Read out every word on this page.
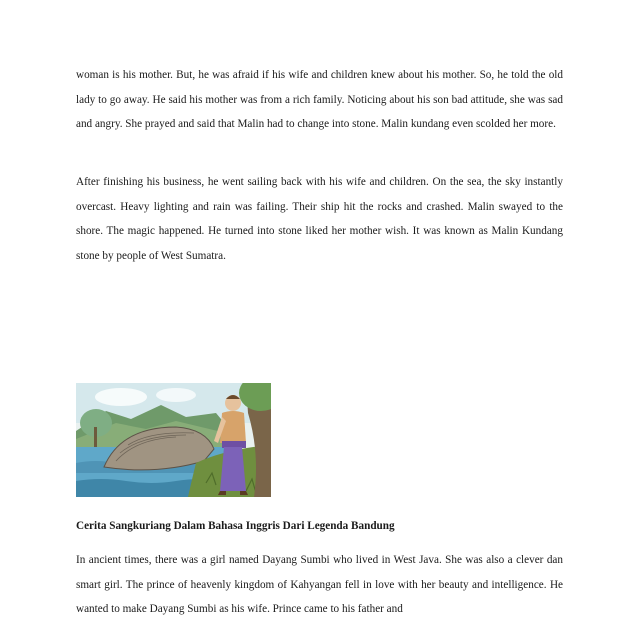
woman is his mother. But, he was afraid if his wife and children knew about his mother. So, he told the old lady to go away. He said his mother was from a rich family. Noticing about his son bad attitude, she was sad and angry. She prayed and said that Malin had to change into stone. Malin kundang even scolded her more.

After finishing his business, he went sailing back with his wife and children. On the sea, the sky instantly overcast. Heavy lighting and rain was failing. Their ship hit the rocks and crashed. Malin swayed to the shore. The magic happened. He turned into stone liked her mother wish. It was known as Malin Kundang stone by people of West Sumatra.

Cerita Sangkuriang Dalam Bahasa Inggris Dari Legenda Bandung

In ancient times, there was a girl named Dayang Sumbi who lived in West Java. She was also a clever dan smart girl. The prince of heavenly kingdom of Kahyangan fell in love with her beauty and intelligence. He wanted to make Dayang Sumbi as his wife. Prince came to his father and
